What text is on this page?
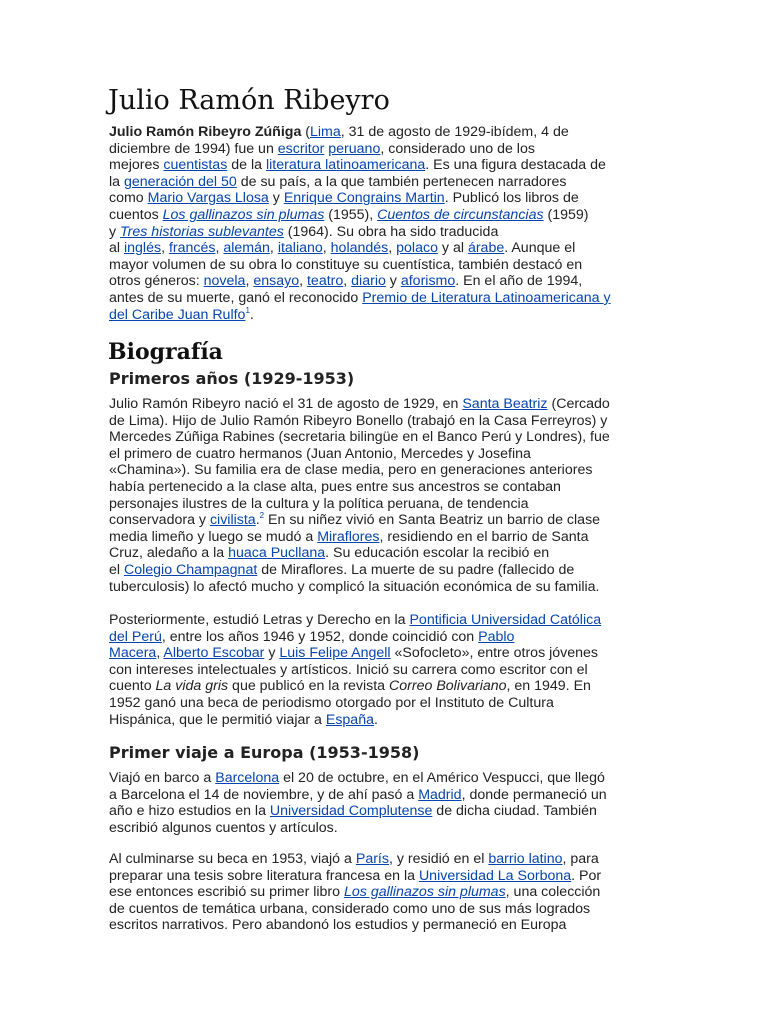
Julio Ramón Ribeyro
Julio Ramón Ribeyro Zúñiga (Lima, 31 de agosto de 1929-ibídem, 4 de
diciembre de 1994) fue un escritor peruano, considerado uno de los
mejores cuentistas de la literatura latinoamericana. Es una figura destacada de
la generación del 50 de su país, a la que también pertenecen narradores
como Mario Vargas Llosa y Enrique Congrains Martin. Publicó los libros de
cuentos Los gallinazos sin plumas (1955), Cuentos de circunstancias (1959)
y Tres historias sublevantes (1964). Su obra ha sido traducida
al inglés, francés, alemán, italiano, holandés, polaco y al árabe. Aunque el
mayor volumen de su obra lo constituye su cuentística, también destacó en
otros géneros: novela, ensayo, teatro, diario y aforismo. En el año de 1994,
antes de su muerte, ganó el reconocido Premio de Literatura Latinoamericana y
del Caribe Juan Rulfo$^1$.
Biografía
Primeros años (1929-1953)
Julio Ramón Ribeyro nació el 31 de agosto de 1929, en Santa Beatriz (Cercado
de Lima). Hijo de Julio Ramón Ribeyro Bonello (trabajó en la Casa Ferreyros) y
Mercedes Zúñiga Rabines (secretaria bilingüe en el Banco Perú y Londres), fue
el primero de cuatro hermanos (Juan Antonio, Mercedes y Josefina
«Chamina»). Su familia era de clase media, pero en generaciones anteriores
había pertenecido a la clase alta, pues entre sus ancestros se contaban
personajes ilustres de la cultura y la política peruana, de tendencia
conservadora y civilista.$^2$ En su niñez vivió en Santa Beatriz un barrio de clase
media limeño y luego se mudó a Miraflores, residiendo en el barrio de Santa
Cruz, aledaño a la huaca Pucllana. Su educación escolar la recibió en
el Colegio Champagnat de Miraflores. La muerte de su padre (fallecido de
tuberculosis) lo afectó mucho y complicó la situación económica de su familia.
Posteriormente, estudió Letras y Derecho en la Pontificia Universidad Católica
del Perú, entre los años 1946 y 1952, donde coincidió con Pablo
Macera, Alberto Escobar y Luis Felipe Angell «Sofocleto», entre otros jóvenes
con intereses intelectuales y artísticos. Inició su carrera como escritor con el
cuento La vida gris que publicó en la revista Correo Bolivariano, en 1949. En
1952 ganó una beca de periodismo otorgado por el Instituto de Cultura
Hispánica, que le permitió viajar a España.
Primer viaje a Europa (1953-1958)
Viajó en barco a Barcelona el 20 de octubre, en el Américo Vespucci, que llegó
a Barcelona el 14 de noviembre, y de ahí pasó a Madrid, donde permaneció un
año e hizo estudios en la Universidad Complutense de dicha ciudad. También
escribió algunos cuentos y artículos.
Al culminarse su beca en 1953, viajó a París, y residió en el barrio latino, para
preparar una tesis sobre literatura francesa en la Universidad La Sorbona. Por
ese entonces escribió su primer libro Los gallinazos sin plumas, una colección
de cuentos de temática urbana, considerado como uno de sus más logrados
escritos narrativos. Pero abandonó los estudios y permaneció en Europa
